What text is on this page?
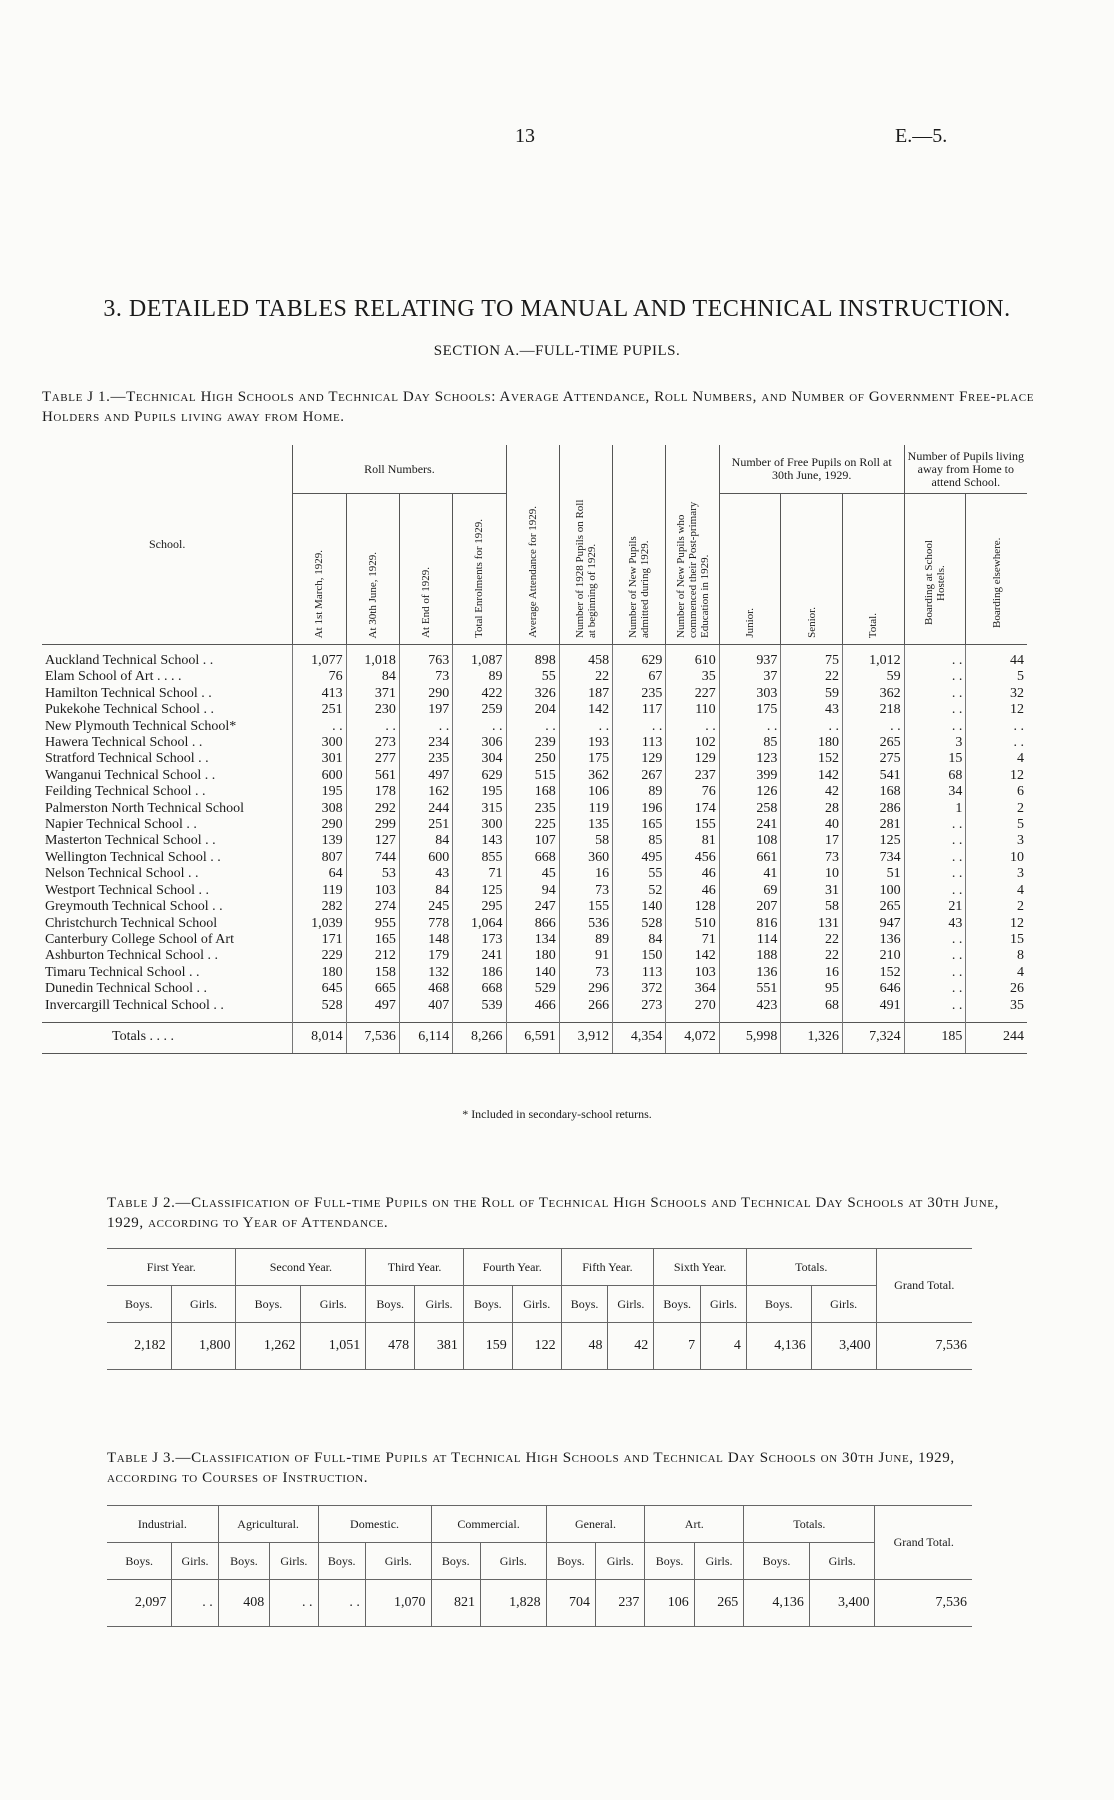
13	E.—5.
3. DETAILED TABLES RELATING TO MANUAL AND TECHNICAL INSTRUCTION.
SECTION A.—FULL-TIME PUPILS.
Table J 1.—Technical High Schools and Technical Day Schools: Average Attendance, Roll Numbers, and Number of Government Free-place Holders and Pupils living away from Home.
School.	Roll Numbers.				Average Attendance for 1929.	Number of 1928 Pupils on Roll at beginning of 1929.	Number of New Pupils admitted during 1929.	Number of New Pupils who commenced their Post-primary Education in 1929.	Number of Free Pupils on Roll at 30th June, 1929.			Number of Pupils living away from Home to attend School.	

	At 1st March, 1929.	At 30th June, 1929.	At End of 1929.	Total Enrolments for 1929.					Junior.	Senior.	Total.	Boarding at School Hostels.	Boarding elsewhere.

Auckland Technical School . .	1,077	1,018	763	1,087	898	458	629	610	937	75	1,012	. .	44
Elam School of Art . . . .	76	84	73	89	55	22	67	35	37	22	59	. .	5
Hamilton Technical School . .	413	371	290	422	326	187	235	227	303	59	362	. .	32
Pukekohe Technical School . .	251	230	197	259	204	142	117	110	175	43	218	. .	12
New Plymouth Technical School*	. .	. .	. .	. .	. .	. .	. .	. .	. .	. .	. .	. .	. .
Hawera Technical School . .	300	273	234	306	239	193	113	102	85	180	265	3	. .
Stratford Technical School . .	301	277	235	304	250	175	129	129	123	152	275	15	4
Wanganui Technical School . .	600	561	497	629	515	362	267	237	399	142	541	68	12
Feilding Technical School . .	195	178	162	195	168	106	89	76	126	42	168	34	6
Palmerston North Technical School	308	292	244	315	235	119	196	174	258	28	286	1	2
Napier Technical School . .	290	299	251	300	225	135	165	155	241	40	281	. .	5
Masterton Technical School . .	139	127	84	143	107	58	85	81	108	17	125	. .	3
Wellington Technical School . .	807	744	600	855	668	360	495	456	661	73	734	. .	10
Nelson Technical School . .	64	53	43	71	45	16	55	46	41	10	51	. .	3
Westport Technical School . .	119	103	84	125	94	73	52	46	69	31	100	. .	4
Greymouth Technical School . .	282	274	245	295	247	155	140	128	207	58	265	21	2
Christchurch Technical School	1,039	955	778	1,064	866	536	528	510	816	131	947	43	12
Canterbury College School of Art	171	165	148	173	134	89	84	71	114	22	136	. .	15
Ashburton Technical School . .	229	212	179	241	180	91	150	142	188	22	210	. .	8
Timaru Technical School . .	180	158	132	186	140	73	113	103	136	16	152	. .	4
Dunedin Technical School . .	645	665	468	668	529	296	372	364	551	95	646	. .	26
Invercargill Technical School . .	528	497	407	539	466	266	273	270	423	68	491	. .	35

Totals . . . .	8,014	7,536	6,114	8,266	6,591	3,912	4,354	4,072	5,998	1,326	7,324	185	244
* Included in secondary-school returns.
Table J 2.—Classification of Full-time Pupils on the Roll of Technical High Schools and Technical Day Schools at 30th June, 1929, according to Year of Attendance.
First Year.		Second Year.		Third Year.		Fourth Year.		Fifth Year.		Sixth Year.		Totals.		Grand Total.
Boys.	Girls.	Boys.	Girls.	Boys.	Girls.	Boys.	Girls.	Boys.	Girls.	Boys.	Girls.	Boys.	Girls.	
2,182	1,800	1,262	1,051	478	381	159	122	48	42	7	4	4,136	3,400	7,536
Table J 3.—Classification of Full-time Pupils at Technical High Schools and Technical Day Schools on 30th June, 1929, according to Courses of Instruction.
Industrial.		Agricultural.		Domestic.		Commercial.		General.		Art.		Totals.		Grand Total.
Boys.	Girls.	Boys.	Girls.	Boys.	Girls.	Boys.	Girls.	Boys.	Girls.	Boys.	Girls.	Boys.	Girls.	
2,097	. .	408	. .	. .	1,070	821	1,828	704	237	106	265	4,136	3,400	7,536
